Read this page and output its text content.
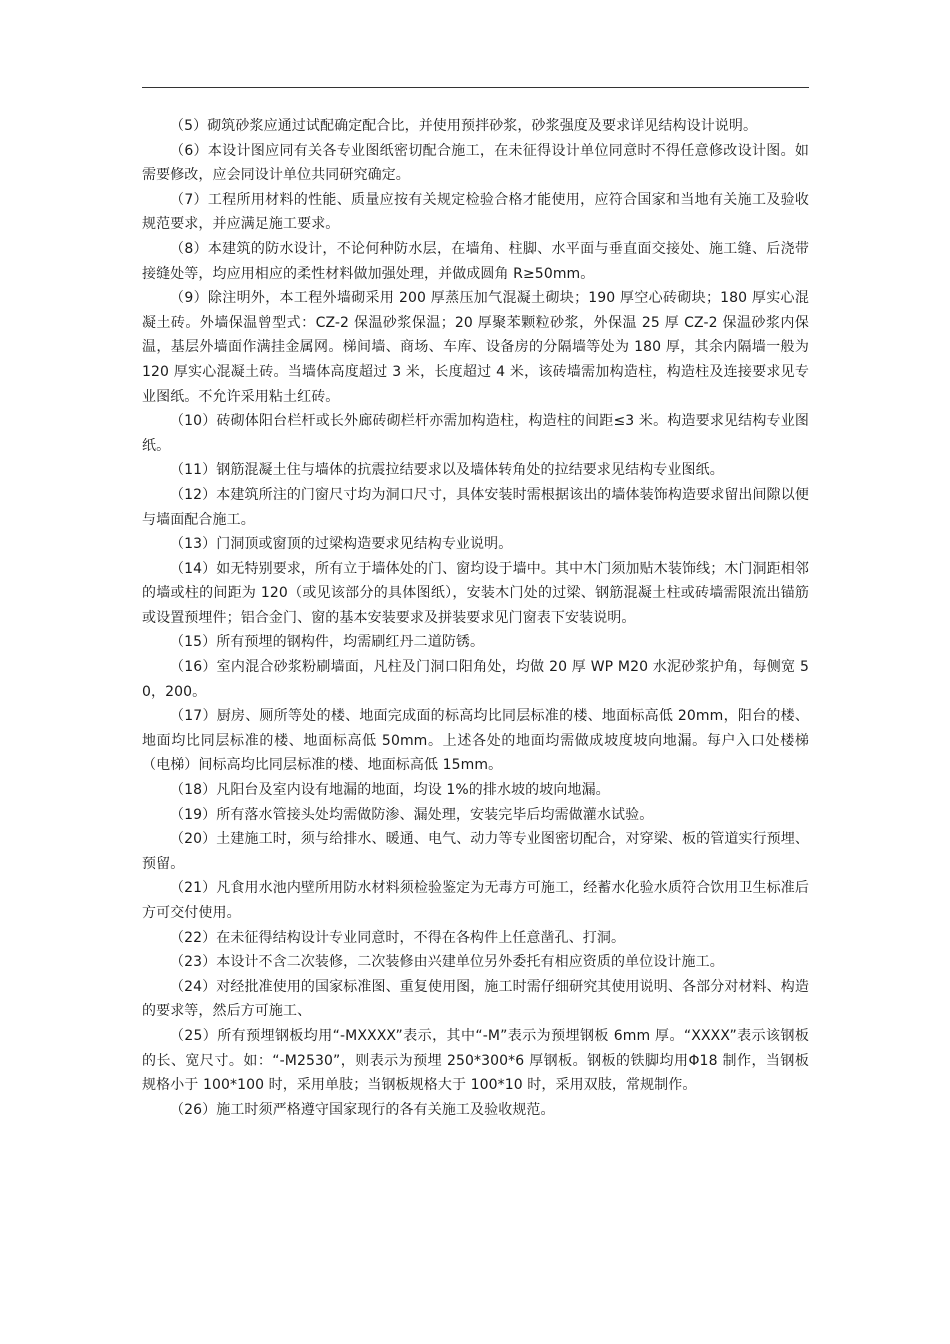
（5）砌筑砂浆应通过试配确定配合比，并使用预拌砂浆，砂浆强度及要求详见结构设计说明。

（6）本设计图应同有关各专业图纸密切配合施工，在未征得设计单位同意时不得任意修改设计图。如需要修改，应会同设计单位共同研究确定。

（7）工程所用材料的性能、质量应按有关规定检验合格才能使用，应符合国家和当地有关施工及验收规范要求，并应满足施工要求。

（8）本建筑的防水设计，不论何种防水层，在墙角、柱脚、水平面与垂直面交接处、施工缝、后浇带接缝处等，均应用相应的柔性材料做加强处理，并做成圆角 R≥50mm。

（9）除注明外，本工程外墙砌采用 200 厚蒸压加气混凝土砌块；190 厚空心砖砌块；180 厚实心混凝土砖。外墙保温曾型式：CZ-2 保温砂浆保温；20 厚聚苯颗粒砂浆，外保温 25 厚 CZ-2 保温砂浆内保温，基层外墙面作满挂金属网。梯间墙、商场、车库、设备房的分隔墙等处为 180 厚，其余内隔墙一般为 120 厚实心混凝土砖。当墙体高度超过 3 米，长度超过 4 米，该砖墙需加构造柱，构造柱及连接要求见专业图纸。不允许采用粘土红砖。

（10）砖砌体阳台栏杆或长外廊砖砌栏杆亦需加构造柱，构造柱的间距≤3 米。构造要求见结构专业图纸。

（11）钢筋混凝土住与墙体的抗震拉结要求以及墙体转角处的拉结要求见结构专业图纸。

（12）本建筑所注的门窗尺寸均为洞口尺寸，具体安装时需根据该出的墙体装饰构造要求留出间隙以便与墙面配合施工。

（13）门洞顶或窗顶的过梁构造要求见结构专业说明。

（14）如无特别要求，所有立于墙体处的门、窗均设于墙中。其中木门须加贴木装饰线；木门洞距相邻的墙或柱的间距为 120（或见该部分的具体图纸），安装木门处的过梁、钢筋混凝土柱或砖墙需限流出锚筋或设置预埋件；铝合金门、窗的基本安装要求及拼装要求见门窗表下安装说明。

（15）所有预埋的钢构件，均需刷红丹二道防锈。

（16）室内混合砂浆粉刷墙面，凡柱及门洞口阳角处，均做 20 厚 WP M20 水泥砂浆护角，每侧宽 50，200。

（17）厨房、厕所等处的楼、地面完成面的标高均比同层标准的楼、地面标高低 20mm，阳台的楼、地面均比同层标准的楼、地面标高低 50mm。上述各处的地面均需做成坡度坡向地漏。每户入口处楼梯（电梯）间标高均比同层标准的楼、地面标高低 15mm。

（18）凡阳台及室内设有地漏的地面，均设 1%的排水坡的坡向地漏。

（19）所有落水管接头处均需做防渗、漏处理，安装完毕后均需做灌水试验。

（20）土建施工时，须与给排水、暖通、电气、动力等专业图密切配合，对穿梁、板的管道实行预埋、预留。

（21）凡食用水池内壁所用防水材料须检验鉴定为无毒方可施工，经蓄水化验水质符合饮用卫生标准后方可交付使用。

（22）在未征得结构设计专业同意时，不得在各构件上任意凿孔、打洞。

（23）本设计不含二次装修，二次装修由兴建单位另外委托有相应资质的单位设计施工。

（24）对经批准使用的国家标准图、重复使用图，施工时需仔细研究其使用说明、各部分对材料、构造的要求等，然后方可施工、

（25）所有预埋钢板均用“-MXXXX”表示，其中“-M”表示为预埋钢板 6mm 厚。“XXXX”表示该钢板的长、宽尺寸。如：“-M2530”，则表示为预埋 250*300*6 厚钢板。钢板的铁脚均用Φ18 制作，当钢板规格小于 100*100 时，采用单肢；当钢板规格大于 100*10 时，采用双肢，常规制作。

（26）施工时须严格遵守国家现行的各有关施工及验收规范。
